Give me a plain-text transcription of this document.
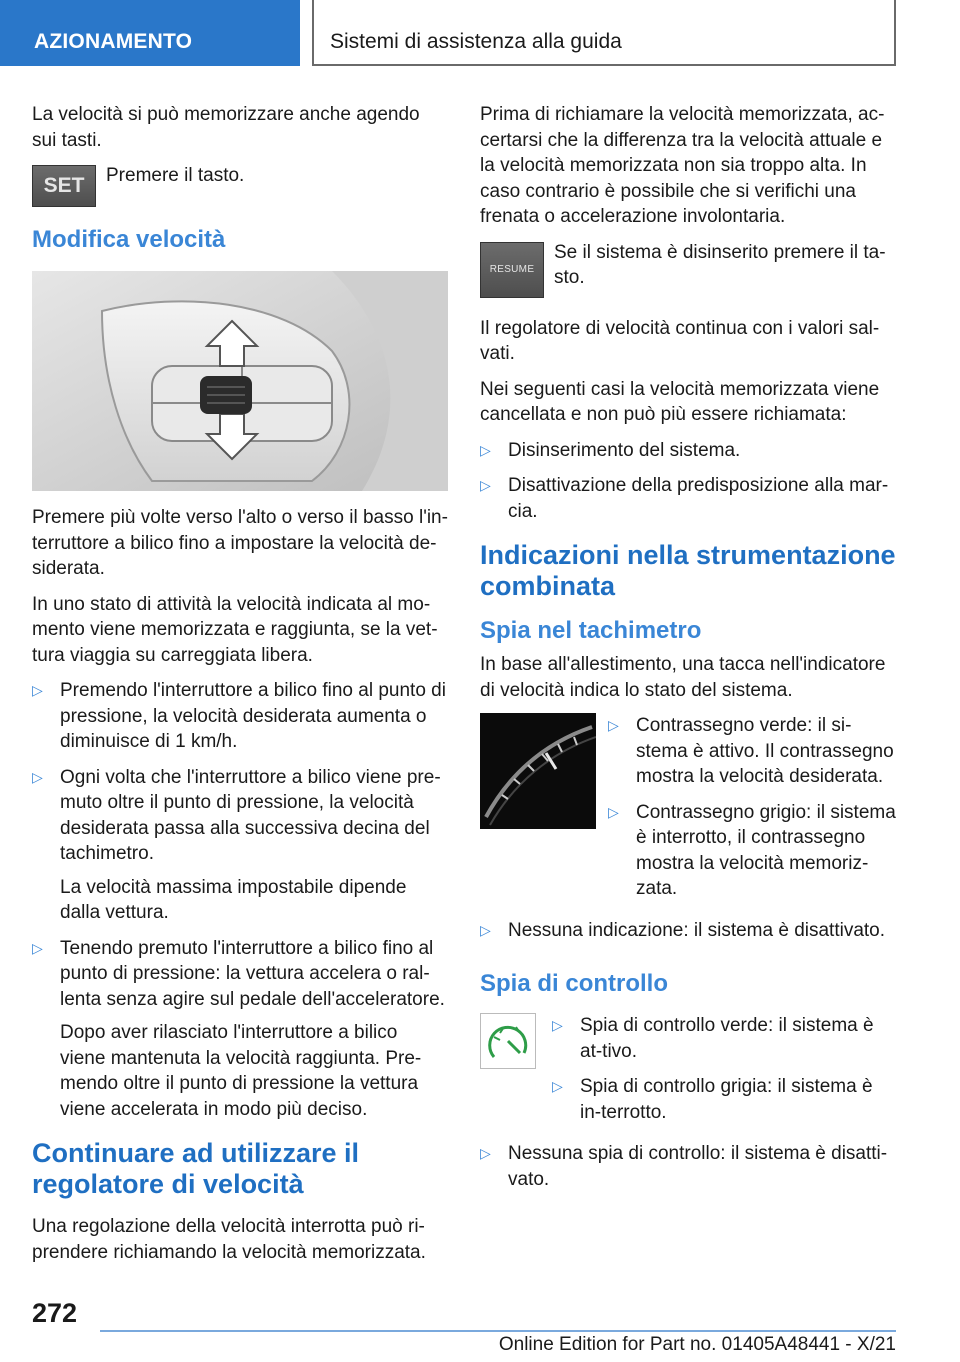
AZIONAMENTO	Sistemi di assistenza alla guida

La velocità si può memorizzare anche agendo sui tasti.

SET	Premere il tasto.
Modifica velocità

Premere più volte verso l'alto o verso il basso l'in-terruttore a bilico fino a impostare la velocità de-siderata.

In uno stato di attività la velocità indicata al mo-mento viene memorizzata e raggiunta, se la vet-tura viaggia su carreggiata libera.

▷ Premendo l'interruttore a bilico fino al punto di pressione, la velocità desiderata aumenta o diminuisce di 1 km/h.
▷ Ogni volta che l'interruttore a bilico viene pre-muto oltre il punto di pressione, la velocità desiderata passa alla successiva decina del tachimetro.
La velocità massima impostabile dipende dalla vettura.
▷ Tenendo premuto l'interruttore a bilico fino al punto di pressione: la vettura accelera o ral-lenta senza agire sul pedale dell'acceleratore.
Dopo aver rilasciato l'interruttore a bilico viene mantenuta la velocità raggiunta. Pre-mendo oltre il punto di pressione la vettura viene accelerata in modo più deciso.
Continuare ad utilizzare il regolatore di velocità

Una regolazione della velocità interrotta può ri-prendere richiamando la velocità memorizzata.

Prima di richiamare la velocità memorizzata, ac-certarsi che la differenza tra la velocità attuale e la velocità memorizzata non sia troppo alta. In caso contrario è possibile che si verifichi una frenata o accelerazione involontaria.

RESUME
Se il sistema è disinserito premere il ta-sto.

Il regolatore di velocità continua con i valori sal-vati.

Nei seguenti casi la velocità memorizzata viene cancellata e non può più essere richiamata:

▷ Disinserimento del sistema.
▷ Disattivazione della predisposizione alla mar-cia.
Indicazioni nella strumentazione combinata
Spia nel tachimetro

In base all'allestimento, una tacca nell'indicatore di velocità indica lo stato del sistema.

▷ Contrassegno verde: il si-stema è attivo. Il contrassegno mostra la velocità desiderata.
▷ Contrassegno grigio: il sistema è interrotto, il contrassegno mostra la velocità memoriz-zata.
▷ Nessuna indicazione: il sistema è disattivato.
Spia di controllo
▷ Spia di controllo verde: il sistema è at-tivo.
▷ Spia di controllo grigia: il sistema è in-terrotto.
▷ Nessuna spia di controllo: il sistema è disatti-vato.
272
Online Edition for Part no. 01405A48441 - X/21
